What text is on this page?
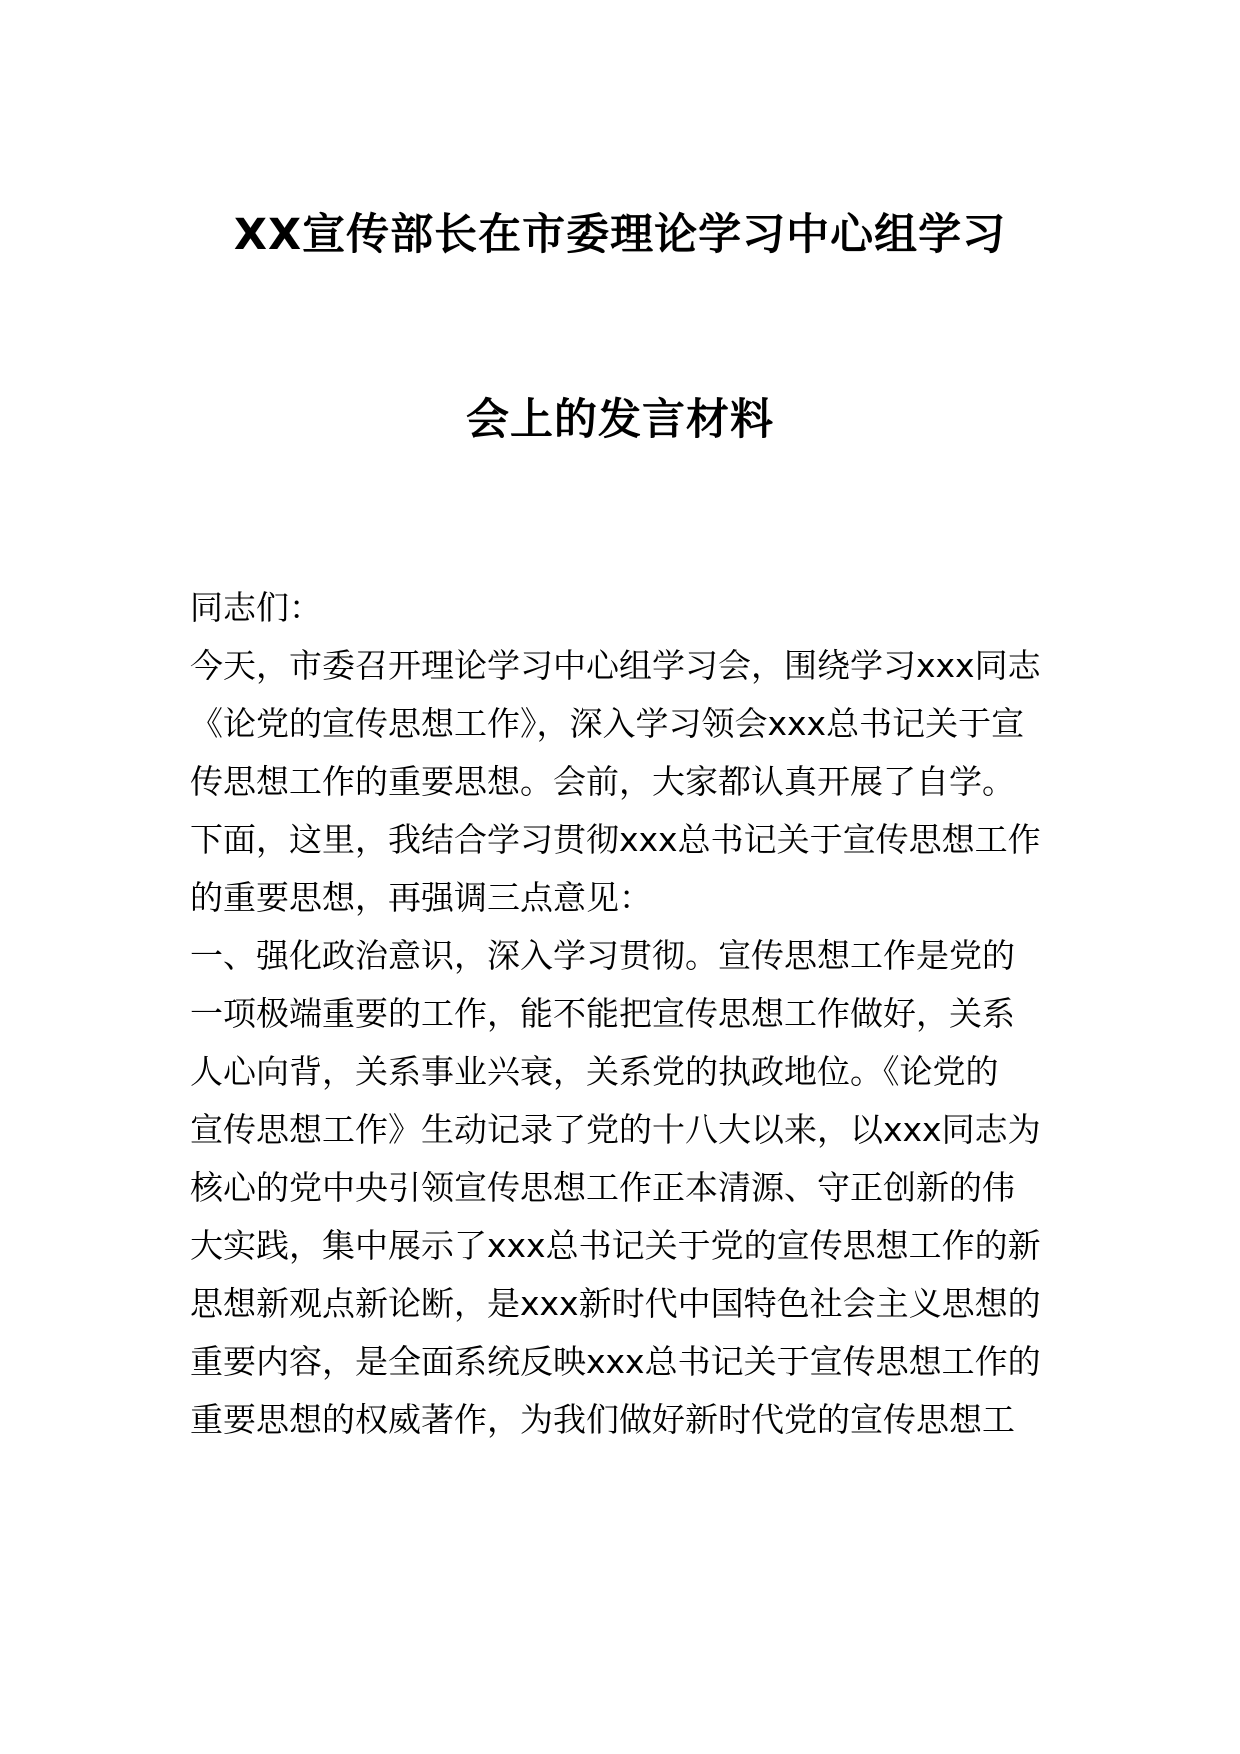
XX宣传部长在市委理论学习中心组学习
会上的发言材料
同志们：
今天，市委召开理论学习中心组学习会，围绕学习xxx同志
《论党的宣传思想工作》，深入学习领会xxx总书记关于宣
传思想工作的重要思想。会前，大家都认真开展了自学。
下面，这里，我结合学习贯彻xxx总书记关于宣传思想工作
的重要思想，再强调三点意见：
一、强化政治意识，深入学习贯彻。宣传思想工作是党的
一项极端重要的工作，能不能把宣传思想工作做好，关系
人心向背，关系事业兴衰，关系党的执政地位。《论党的
宣传思想工作》生动记录了党的十八大以来，以xxx同志为
核心的党中央引领宣传思想工作正本清源、守正创新的伟
大实践，集中展示了xxx总书记关于党的宣传思想工作的新
思想新观点新论断，是xxx新时代中国特色社会主义思想的
重要内容，是全面系统反映xxx总书记关于宣传思想工作的
重要思想的权威著作，为我们做好新时代党的宣传思想工
